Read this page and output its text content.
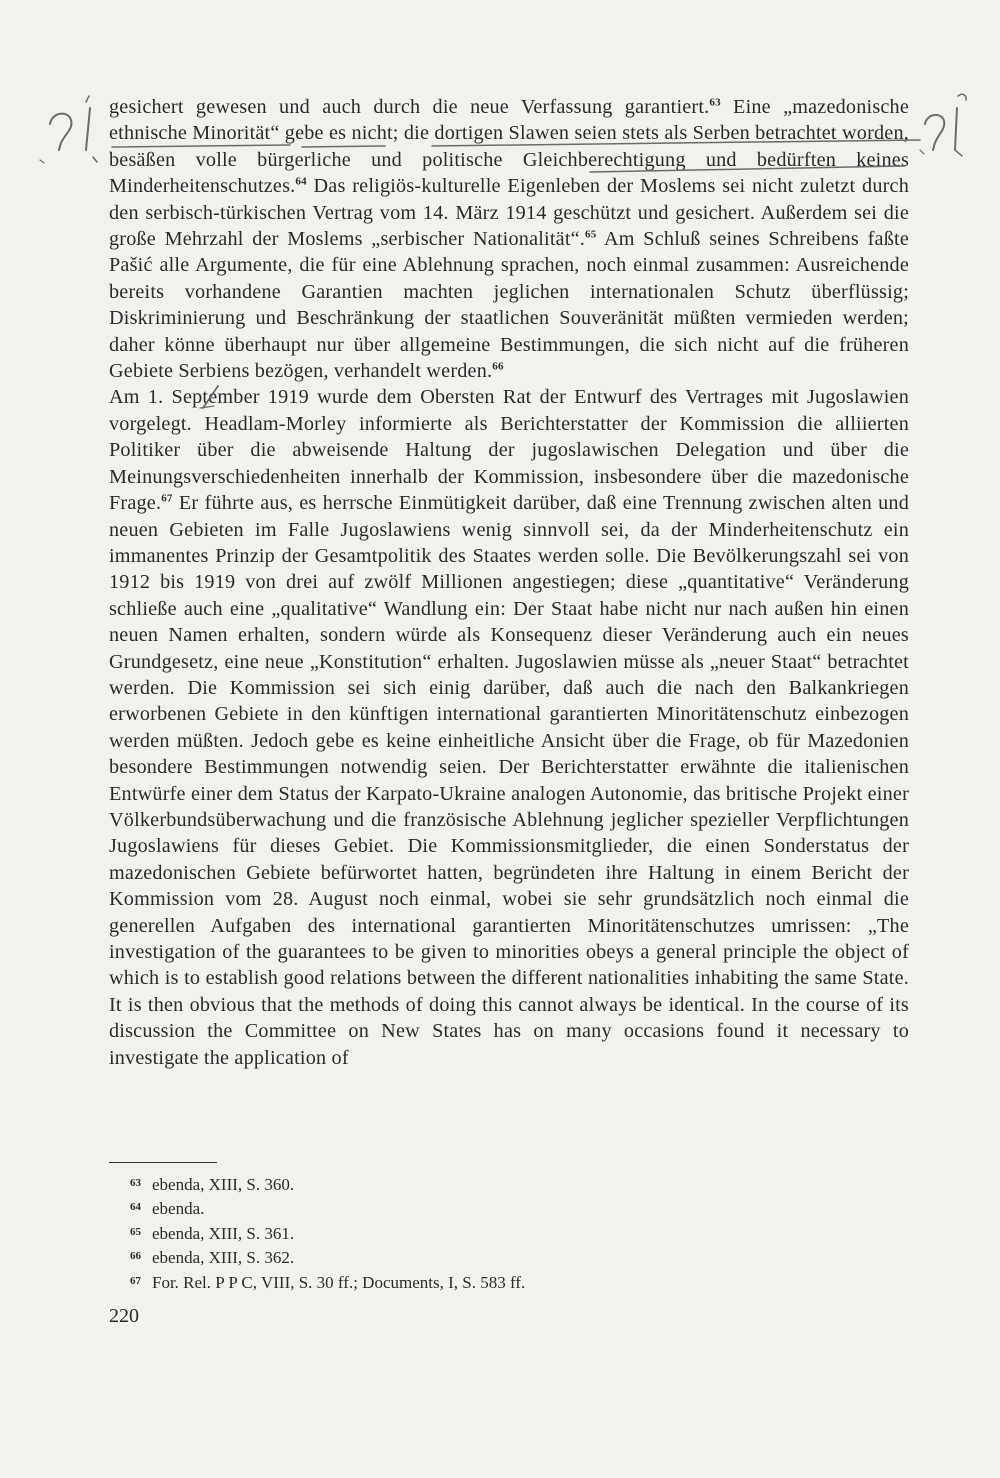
gesichert gewesen und auch durch die neue Verfassung garantiert.$^{63}$ Eine „mazedonische ethnische Minorität“ gebe es nicht; die dortigen Slawen seien stets als Serben betrachtet worden, besäßen volle bürgerliche und politische Gleichberechtigung und bedürften keines Minderheitenschutzes.$^{64}$ Das religiös-kulturelle Eigenleben der Moslems sei nicht zuletzt durch den serbisch-türkischen Vertrag vom 14. März 1914 geschützt und gesichert. Außerdem sei die große Mehrzahl der Moslems „serbischer Nationalität“.$^{65}$ Am Schluß seines Schreibens faßte Pašić alle Argumente, die für eine Ablehnung sprachen, noch einmal zusammen: Ausreichende bereits vorhandene Garantien machten jeglichen internationalen Schutz überflüssig; Diskriminierung und Beschränkung der staatlichen Souveränität müßten vermieden werden; daher könne überhaupt nur über allgemeine Bestimmungen, die sich nicht auf die früheren Gebiete Serbiens bezögen, verhandelt werden.$^{66}$

Am 1. September 1919 wurde dem Obersten Rat der Entwurf des Vertrages mit Jugoslawien vorgelegt. Headlam-Morley informierte als Berichterstatter der Kommission die alliierten Politiker über die abweisende Haltung der jugoslawischen Delegation und über die Meinungsverschiedenheiten innerhalb der Kommission, insbesondere über die mazedonische Frage.$^{67}$ Er führte aus, es herrsche Einmütigkeit darüber, daß eine Trennung zwischen alten und neuen Gebieten im Falle Jugoslawiens wenig sinnvoll sei, da der Minderheitenschutz ein immanentes Prinzip der Gesamtpolitik des Staates werden solle. Die Bevölkerungszahl sei von 1912 bis 1919 von drei auf zwölf Millionen angestiegen; diese „quantitative“ Veränderung schließe auch eine „qualitative“ Wandlung ein: Der Staat habe nicht nur nach außen hin einen neuen Namen erhalten, sondern würde als Konsequenz dieser Veränderung auch ein neues Grundgesetz, eine neue „Konstitution“ erhalten. Jugoslawien müsse als „neuer Staat“ betrachtet werden. Die Kommission sei sich einig darüber, daß auch die nach den Balkankriegen erworbenen Gebiete in den künftigen international garantierten Minoritätenschutz einbezogen werden müßten. Jedoch gebe es keine einheitliche Ansicht über die Frage, ob für Mazedonien besondere Bestimmungen notwendig seien. Der Berichterstatter erwähnte die italienischen Entwürfe einer dem Status der Karpato-Ukraine analogen Autonomie, das britische Projekt einer Völkerbundsüberwachung und die französische Ablehnung jeglicher spezieller Verpflichtungen Jugoslawiens für dieses Gebiet. Die Kommissionsmitglieder, die einen Sonderstatus der mazedonischen Gebiete befürwortet hatten, begründeten ihre Haltung in einem Bericht der Kommission vom 28. August noch einmal, wobei sie sehr grundsätzlich noch einmal die generellen Aufgaben des international garantierten Minoritätenschutzes umrissen: „The investigation of the guarantees to be given to minorities obeys a general principle the object of which is to establish good relations between the different nationalities inhabiting the same State. It is then obvious that the methods of doing this cannot always be identical. In the course of its discussion the Committee on New States has on many occasions found it necessary to investigate the application of

63 ebenda, XIII, S. 360.
64 ebenda.
65 ebenda, XIII, S. 361.
66 ebenda, XIII, S. 362.
67 For. Rel. P P C, VIII, S. 30 ff.; Documents, I, S. 583 ff.
220
